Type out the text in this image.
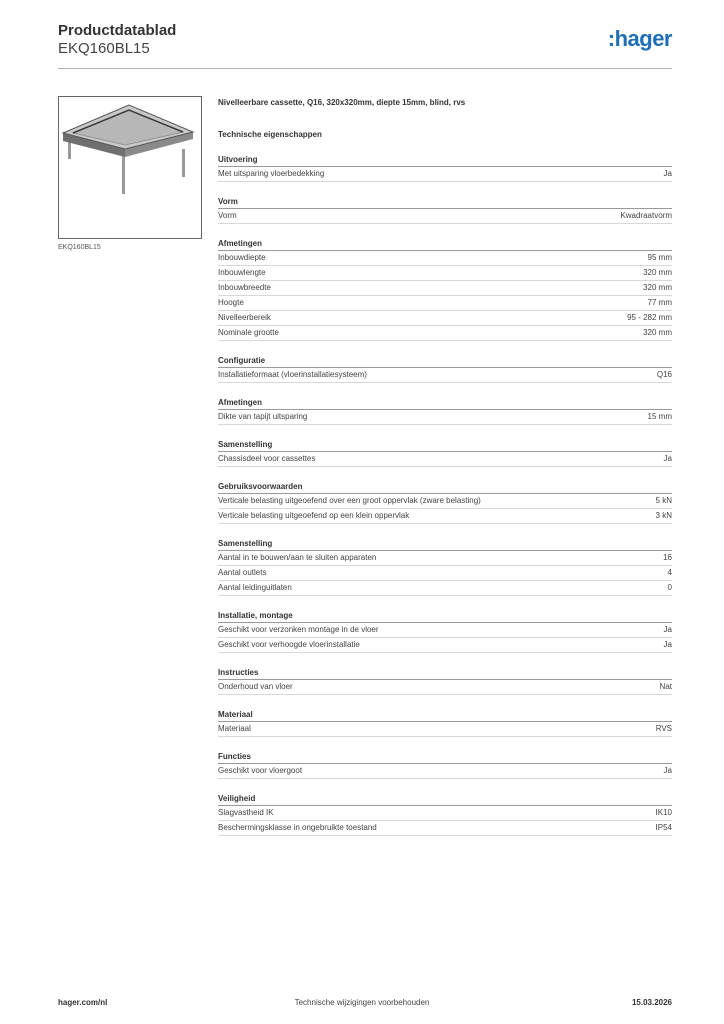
Productdatablad
EKQ160BL15	:hager
EKQ160BL15
Nivelleerbare cassette, Q16, 320x320mm, diepte 15mm, blind, rvs
Technische eigenschappen
Uitvoering
Met uitsparing vloerbedekking	Ja
Vorm
Vorm	Kwadraatvorm
Afmetingen
Inbouwdiepte	95 mm
Inbouwlengte	320 mm
Inbouwbreedte	320 mm
Hoogte	77 mm
Nivelleerbereik	95 - 282 mm
Nominale grootte	320 mm
Configuratie
Installatieformaat (vloerinstallatiesysteem)	Q16
Afmetingen
Dikte van tapijt uitsparing	15 mm
Samenstelling
Chassisdeel voor cassettes	Ja
Gebruiksvoorwaarden
Verticale belasting uitgeoefend over een groot oppervlak (zware belasting)	5 kN
Verticale belasting uitgeoefend op een klein oppervlak	3 kN
Samenstelling
Aantal in te bouwen/aan te sluiten apparaten	16
Aantal outlets	4
Aantal leidinguitlaten	0
Installatie, montage
Geschikt voor verzonken montage in de vloer	Ja
Geschikt voor verhoogde vloerinstallatie	Ja
Instructies
Onderhoud van vloer	Nat
Materiaal
Materiaal	RVS
Functies
Geschikt voor vloergoot	Ja
Veiligheid
Slagvastheid IK	IK10
Beschermingsklasse in ongebruikte toestand	IP54
hager.com/nl	Technische wijzigingen voorbehouden	15.03.2026
